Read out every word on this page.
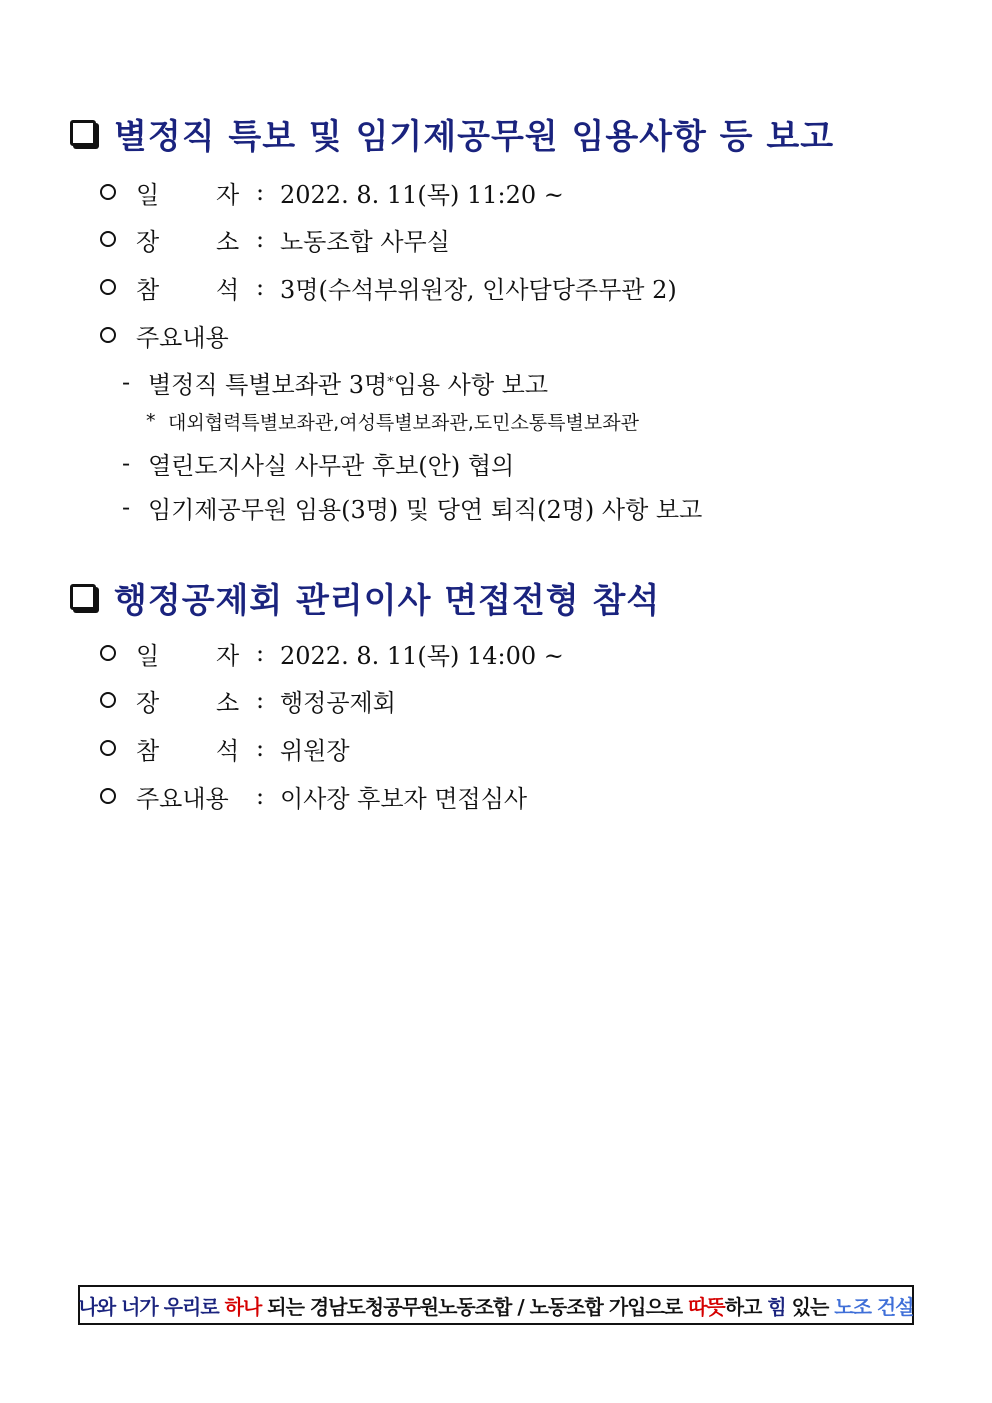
별정직 특보 및 임기제공무원 임용사항 등 보고
일 자 : 2022. 8. 11(목) 11:20 ~
장 소 : 노동조합 사무실
참 석 : 3명(수석부위원장, 인사담당주무관 2)
주요내용
- 별정직 특별보좌관 3명 * 임용 사항 보고
* 대외협력특별보좌관,여성특별보좌관,도민소통특별보좌관
- 열린도지사실 사무관 후보(안) 협의
- 임기제공무원 임용(3명) 및 당연 퇴직(2명) 사항 보고
행정공제회 관리이사 면접전형 참석
일 자 : 2022. 8. 11(목) 14:00 ~
장 소 : 행정공제회
참 석 : 위원장
주요내용	: 이사장 후보자 면접심사
나와 너가 우리로 하나 되는 경남도청공무원노동조합 / 노동조합 가입으로 따뜻 하고 힘 있는 노조 건설
